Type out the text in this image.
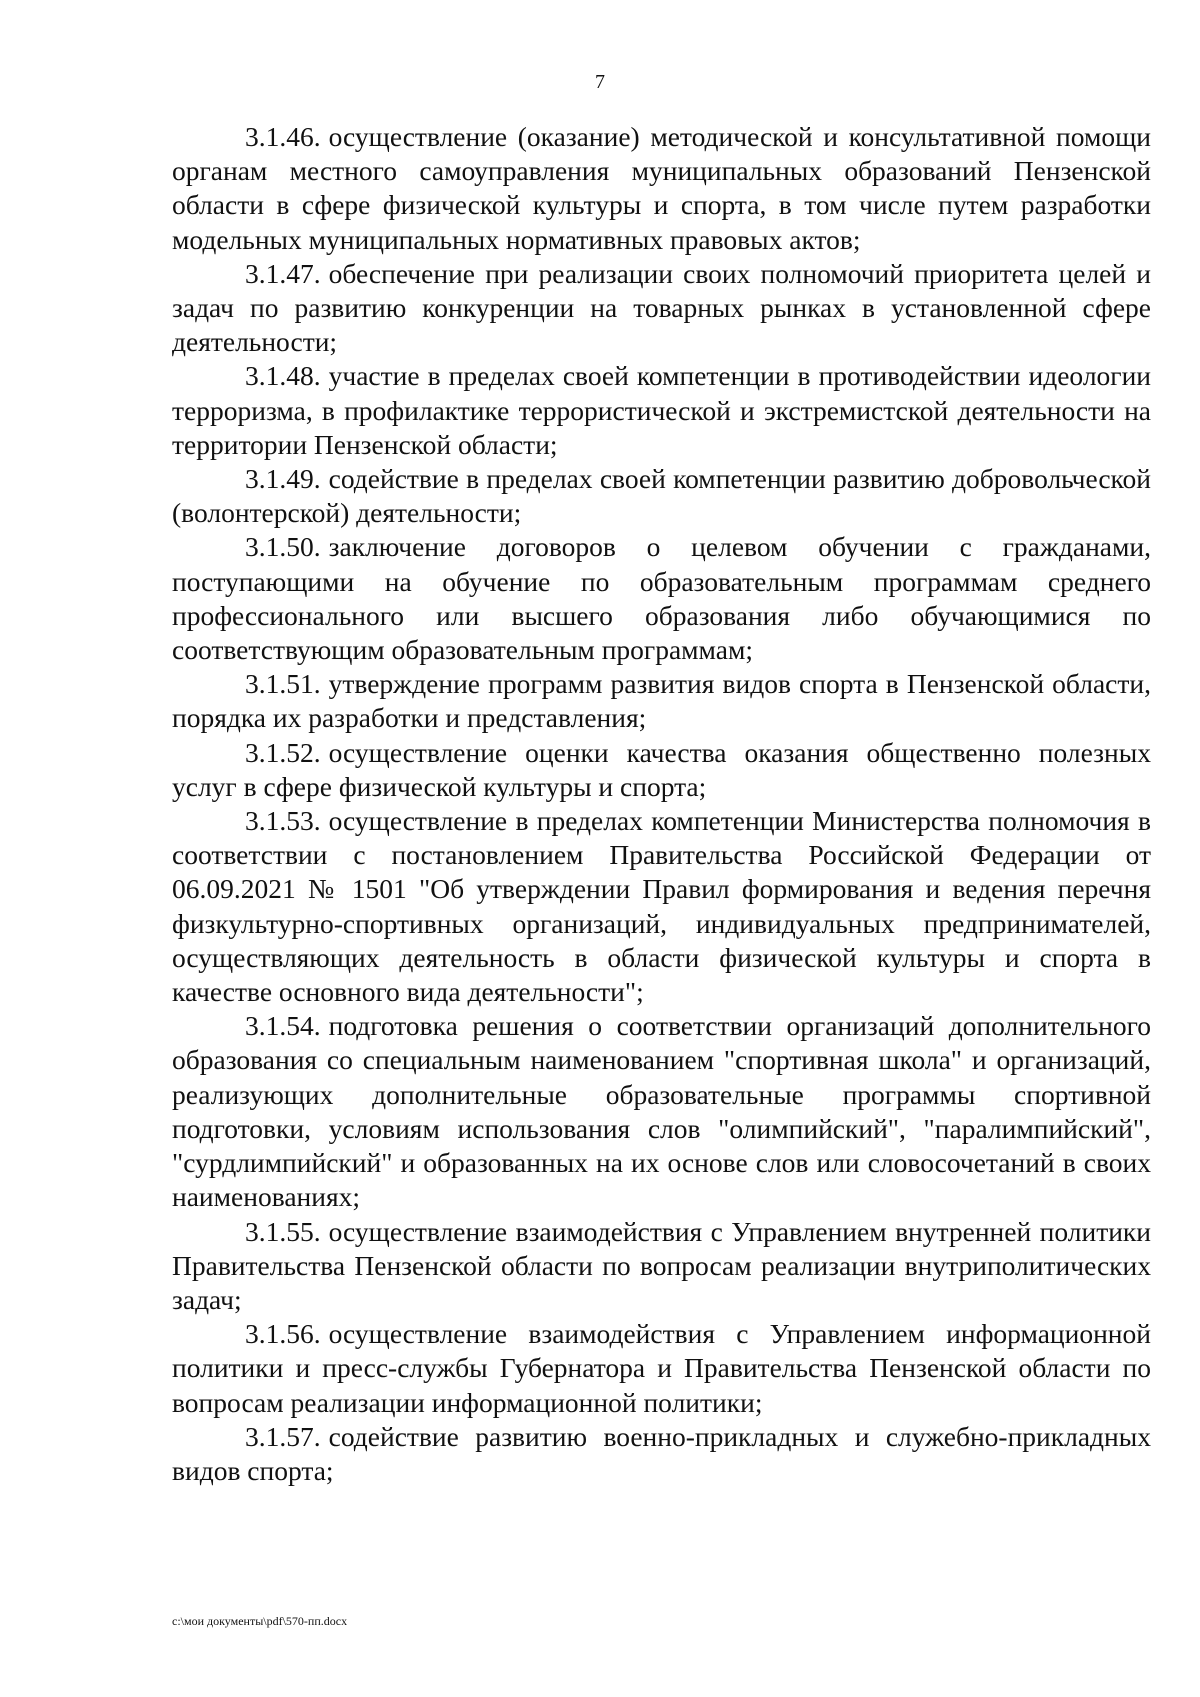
7

3.1.46. осуществление (оказание) методической и консультативной помощи органам местного самоуправления муниципальных образований Пензенской области в сфере физической культуры и спорта, в том числе путем разработки модельных муниципальных нормативных правовых актов;

3.1.47. обеспечение при реализации своих полномочий приоритета целей и задач по развитию конкуренции на товарных рынках в установленной сфере деятельности;

3.1.48. участие в пределах своей компетенции в противодействии идеологии терроризма, в профилактике террористической и экстремистской деятельности на территории Пензенской области;

3.1.49. содействие в пределах своей компетенции развитию добровольческой (волонтерской) деятельности;

3.1.50. заключение договоров о целевом обучении с гражданами, поступающими на обучение по образовательным программам среднего профессионального или высшего образования либо обучающимися по соответствующим образовательным программам;

3.1.51. утверждение программ развития видов спорта в Пензенской области, порядка их разработки и представления;

3.1.52. осуществление оценки качества оказания общественно полезных услуг в сфере физической культуры и спорта;

3.1.53. осуществление в пределах компетенции Министерства полномочия в соответствии с постановлением Правительства Российской Федерации от 06.09.2021 № 1501 "Об утверждении Правил формирования и ведения перечня физкультурно-спортивных организаций, индивидуальных предпринимателей, осуществляющих деятельность в области физической культуры и спорта в качестве основного вида деятельности";

3.1.54. подготовка решения о соответствии организаций дополнительного образования со специальным наименованием "спортивная школа" и организаций, реализующих дополнительные образовательные программы спортивной подготовки, условиям использования слов "олимпийский", "паралимпийский", "сурдлимпийский" и образованных на их основе слов или словосочетаний в своих наименованиях;

3.1.55. осуществление взаимодействия с Управлением внутренней политики Правительства Пензенской области по вопросам реализации внутриполитических задач;

3.1.56. осуществление взаимодействия с Управлением информационной политики и пресс-службы Губернатора и Правительства Пензенской области по вопросам реализации информационной политики;

3.1.57. содействие развитию военно-прикладных и служебно-прикладных видов спорта;

c:\мои документы\pdf\570-пп.docx
